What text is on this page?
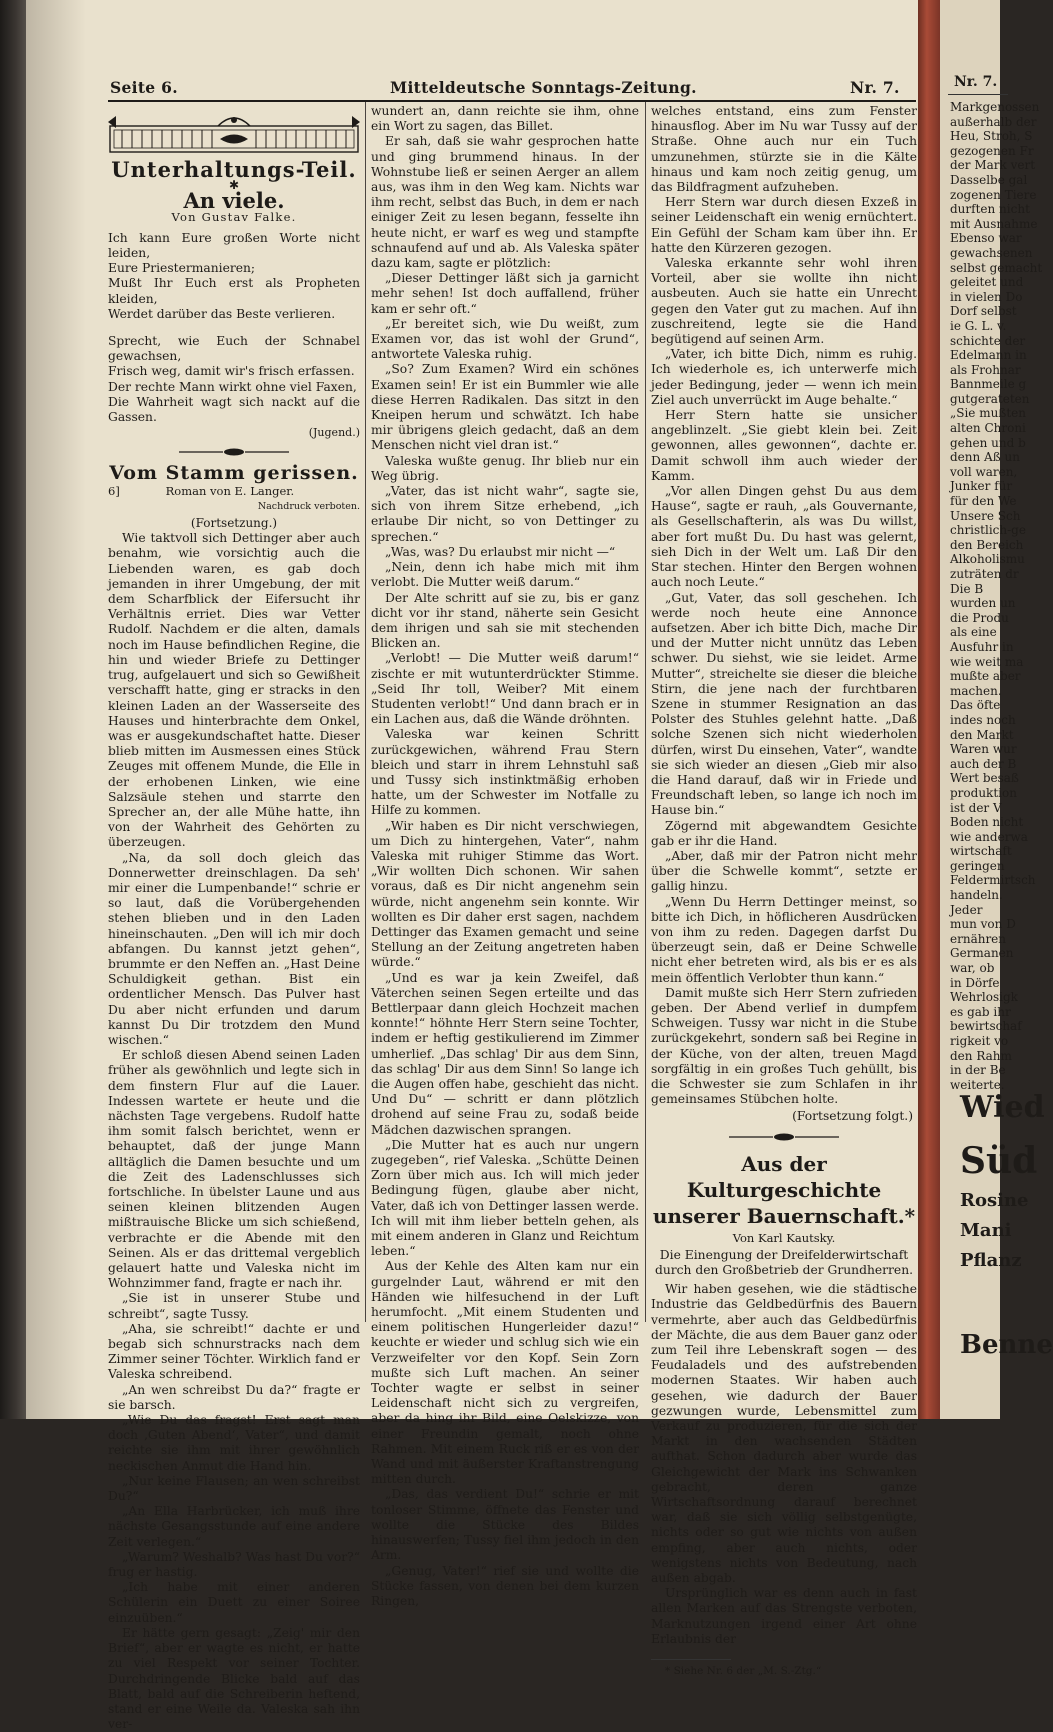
Nr. 7.
Markgenossen
außerhalb der
Heu, Stroh, S
gezogenen Fr
der Mark vert
Dasselbe gal
zogenen Tiere
durften nicht
mit Ausnahme
Ebenso war
gewachsenen
selbst gemacht
geleitet und
in vielen Do
Dorf selbst
ie G. L. v.
schichte der
Edelmann in
als Frohnar
Bannmeile g
gutgerateten
„Sie mußten
alten Chroni
gehen und b
denn Aß un
voll waren,
Junker für
für den We
Unsere Sch
christlich-ge
den Bereich
Alkoholismu
zuträten dr
Die B
wurden un
die Produ
als eine
Ausfuhr in
wie weit ma
mußte aber
machen.
Das öfte
indes noch
den Markt
Waren wur
auch der B
Wert besaß
produktion
ist der V
Boden nicht
wie anderwa
wirtschaft
geringen
Feldermirtsch
handeln.
Jeder
mun von D
ernähren
Germanen
war, ob
in Dörfe
Wehrlosigk
es gab ihr
bewirtschaf
rigkeit vo
den Rahm
in der Be
weiterte.
Wied
Süd
Rosine
Mani
Pflanz
Benne
Seite 6.	Mitteldeutsche Sonntags-Zeitung.	Nr. 7.
Unterhaltungs-Teil.
✱
An viele.
Von Gustav Falke.
Ich kann Eure großen Worte nicht leiden,
Eure Priestermanieren;
Mußt Ihr Euch erst als Propheten kleiden,
Werdet darüber das Beste verlieren.
Sprecht, wie Euch der Schnabel gewachsen,
Frisch weg, damit wir's frisch erfassen.
Der rechte Mann wirkt ohne viel Faxen,
Die Wahrheit wagt sich nackt auf die Gassen.
(Jugend.)
Vom Stamm gerissen.
6]	Roman von E. Langer.
Nachdruck verboten.
(Fortsetzung.)

Wie taktvoll sich Dettinger aber auch benahm, wie vorsichtig auch die Liebenden waren, es gab doch jemanden in ihrer Umgebung, der mit dem Scharfblick der Eifersucht ihr Verhältnis erriet. Dies war Vetter Rudolf. Nachdem er die alten, damals noch im Hause befindlichen Regine, die hin und wieder Briefe zu Dettinger trug, aufgelauert und sich so Gewißheit verschafft hatte, ging er stracks in den kleinen Laden an der Wasserseite des Hauses und hinterbrachte dem Onkel, was er ausgekundschaftet hatte. Dieser blieb mitten im Ausmessen eines Stück Zeuges mit offenem Munde, die Elle in der erhobenen Linken, wie eine Salzsäule stehen und starrte den Sprecher an, der alle Mühe hatte, ihn von der Wahrheit des Gehörten zu überzeugen.

„Na, da soll doch gleich das Donnerwetter dreinschlagen. Da seh' mir einer die Lumpenbande!“ schrie er so laut, daß die Vorübergehenden stehen blieben und in den Laden hineinschauten. „Den will ich mir doch abfangen. Du kannst jetzt gehen“, brummte er den Neffen an. „Hast Deine Schuldigkeit gethan. Bist ein ordentlicher Mensch. Das Pulver hast Du aber nicht erfunden und darum kannst Du Dir trotzdem den Mund wischen.“

Er schloß diesen Abend seinen Laden früher als gewöhnlich und legte sich in dem finstern Flur auf die Lauer. Indessen wartete er heute und die nächsten Tage vergebens. Rudolf hatte ihm somit falsch berichtet, wenn er behauptet, daß der junge Mann alltäglich die Damen besuchte und um die Zeit des Ladenschlusses sich fortschliche. In übelster Laune und aus seinen kleinen blitzenden Augen mißtrauische Blicke um sich schießend, verbrachte er die Abende mit den Seinen. Als er das drittemal vergeblich gelauert hatte und Valeska nicht im Wohnzimmer fand, fragte er nach ihr.

„Sie ist in unserer Stube und schreibt“, sagte Tussy.

„Aha, sie schreibt!“ dachte er und begab sich schnurstracks nach dem Zimmer seiner Töchter. Wirklich fand er Valeska schreibend.

„An wen schreibst Du da?“ fragte er sie barsch.

„Wie Du das fragst! Erst sagt man doch ‚Guten Abend‘, Vater“, und damit reichte sie ihm mit ihrer gewöhnlich neckischen Anmut die Hand hin.

„Nur keine Flausen; an wen schreibst Du?“

„An Ella Harbrücker, ich muß ihre nächste Gesangsstunde auf eine andere Zeit verlegen.“

„Warum? Weshalb? Was hast Du vor?“ frug er hastig.

„Ich habe mit einer anderen Schülerin ein Duett zu einer Soiree einzuüben.“

Er hätte gern gesagt: „Zeig' mir den Brief“, aber er wagte es nicht, er hatte zu viel Respekt vor seiner Tochter. Durchdringende Blicke bald auf das Blatt, bald auf die Schreiberin heftend, stand er eine Weile da. Valeska sah ihn ver-

wundert an, dann reichte sie ihm, ohne ein Wort zu sagen, das Billet.

Er sah, daß sie wahr gesprochen hatte und ging brummend hinaus. In der Wohnstube ließ er seinen Aerger an allem aus, was ihm in den Weg kam. Nichts war ihm recht, selbst das Buch, in dem er nach einiger Zeit zu lesen begann, fesselte ihn heute nicht, er warf es weg und stampfte schnaufend auf und ab. Als Valeska später dazu kam, sagte er plötzlich:

„Dieser Dettinger läßt sich ja garnicht mehr sehen! Ist doch auffallend, früher kam er sehr oft.“

„Er bereitet sich, wie Du weißt, zum Examen vor, das ist wohl der Grund“, antwortete Valeska ruhig.

„So? Zum Examen? Wird ein schönes Examen sein! Er ist ein Bummler wie alle diese Herren Radikalen. Das sitzt in den Kneipen herum und schwätzt. Ich habe mir übrigens gleich gedacht, daß an dem Menschen nicht viel dran ist.“

Valeska wußte genug. Ihr blieb nur ein Weg übrig.

„Vater, das ist nicht wahr“, sagte sie, sich von ihrem Sitze erhebend, „ich erlaube Dir nicht, so von Dettinger zu sprechen.“

„Was, was? Du erlaubst mir nicht —“

„Nein, denn ich habe mich mit ihm verlobt. Die Mutter weiß darum.“

Der Alte schritt auf sie zu, bis er ganz dicht vor ihr stand, näherte sein Gesicht dem ihrigen und sah sie mit stechenden Blicken an.

„Verlobt! — Die Mutter weiß darum!“ zischte er mit wutunterdrückter Stimme. „Seid Ihr toll, Weiber? Mit einem Studenten verlobt!“ Und dann brach er in ein Lachen aus, daß die Wände dröhnten.

Valeska war keinen Schritt zurückgewichen, während Frau Stern bleich und starr in ihrem Lehnstuhl saß und Tussy sich instinktmäßig erhoben hatte, um der Schwester im Notfalle zu Hilfe zu kommen.

„Wir haben es Dir nicht verschwiegen, um Dich zu hintergehen, Vater“, nahm Valeska mit ruhiger Stimme das Wort. „Wir wollten Dich schonen. Wir sahen voraus, daß es Dir nicht angenehm sein würde, nicht angenehm sein konnte. Wir wollten es Dir daher erst sagen, nachdem Dettinger das Examen gemacht und seine Stellung an der Zeitung angetreten haben würde.“

„Und es war ja kein Zweifel, daß Väterchen seinen Segen erteilte und das Bettlerpaar dann gleich Hochzeit machen konnte!“ höhnte Herr Stern seine Tochter, indem er heftig gestikulierend im Zimmer umherlief. „Das schlag' Dir aus dem Sinn, das schlag' Dir aus dem Sinn! So lange ich die Augen offen habe, geschieht das nicht. Und Du“ — schritt er dann plötzlich drohend auf seine Frau zu, sodaß beide Mädchen dazwischen sprangen.

„Die Mutter hat es auch nur ungern zugegeben“, rief Valeska. „Schütte Deinen Zorn über mich aus. Ich will mich jeder Bedingung fügen, glaube aber nicht, Vater, daß ich von Dettinger lassen werde. Ich will mit ihm lieber betteln gehen, als mit einem anderen in Glanz und Reichtum leben.“

Aus der Kehle des Alten kam nur ein gurgelnder Laut, während er mit den Händen wie hilfesuchend in der Luft herumfocht. „Mit einem Studenten und einem politischen Hungerleider dazu!“ keuchte er wieder und schlug sich wie ein Verzweifelter vor den Kopf. Sein Zorn mußte sich Luft machen. An seiner Tochter wagte er selbst in seiner Leidenschaft nicht sich zu vergreifen, aber da hing ihr Bild, eine Oelskizze, von einer Freundin gemalt, noch ohne Rahmen. Mit einem Ruck riß er es von der Wand und mit äußerster Kraftanstrengung mitten durch.

„Das, das verdient Du!“ schrie er mit tonloser Stimme, öffnete das Fenster und wollte die Stücke des Bildes hinauswerfen; Tussy fiel ihm jedoch in den Arm.

„Genug, Vater!“ rief sie und wollte die Stücke fassen, von denen bei dem kurzen Ringen,

welches entstand, eins zum Fenster hinausflog. Aber im Nu war Tussy auf der Straße. Ohne auch nur ein Tuch umzunehmen, stürzte sie in die Kälte hinaus und kam noch zeitig genug, um das Bildfragment aufzuheben.

Herr Stern war durch diesen Exzeß in seiner Leidenschaft ein wenig ernüchtert. Ein Gefühl der Scham kam über ihn. Er hatte den Kürzeren gezogen.

Valeska erkannte sehr wohl ihren Vorteil, aber sie wollte ihn nicht ausbeuten. Auch sie hatte ein Unrecht gegen den Vater gut zu machen. Auf ihn zuschreitend, legte sie die Hand begütigend auf seinen Arm.

„Vater, ich bitte Dich, nimm es ruhig. Ich wiederhole es, ich unterwerfe mich jeder Bedingung, jeder — wenn ich mein Ziel auch unverrückt im Auge behalte.“

Herr Stern hatte sie unsicher angeblinzelt. „Sie giebt klein bei. Zeit gewonnen, alles gewonnen“, dachte er. Damit schwoll ihm auch wieder der Kamm.

„Vor allen Dingen gehst Du aus dem Hause“, sagte er rauh, „als Gouvernante, als Gesellschafterin, als was Du willst, aber fort mußt Du. Du hast was gelernt, sieh Dich in der Welt um. Laß Dir den Star stechen. Hinter den Bergen wohnen auch noch Leute.“

„Gut, Vater, das soll geschehen. Ich werde noch heute eine Annonce aufsetzen. Aber ich bitte Dich, mache Dir und der Mutter nicht unnütz das Leben schwer. Du siehst, wie sie leidet. Arme Mutter“, streichelte sie dieser die bleiche Stirn, die jene nach der furchtbaren Szene in stummer Resignation an das Polster des Stuhles gelehnt hatte. „Daß solche Szenen sich nicht wiederholen dürfen, wirst Du einsehen, Vater“, wandte sie sich wieder an diesen „Gieb mir also die Hand darauf, daß wir in Friede und Freundschaft leben, so lange ich noch im Hause bin.“

Zögernd mit abgewandtem Gesichte gab er ihr die Hand.

„Aber, daß mir der Patron nicht mehr über die Schwelle kommt“, setzte er gallig hinzu.

„Wenn Du Herrn Dettinger meinst, so bitte ich Dich, in höflicheren Ausdrücken von ihm zu reden. Dagegen darfst Du überzeugt sein, daß er Deine Schwelle nicht eher betreten wird, als bis er es als mein öffentlich Verlobter thun kann.“

Damit mußte sich Herr Stern zufrieden geben. Der Abend verlief in dumpfem Schweigen. Tussy war nicht in die Stube zurückgekehrt, sondern saß bei Regine in der Küche, von der alten, treuen Magd sorgfältig in ein großes Tuch gehüllt, bis die Schwester sie zum Schlafen in ihr gemeinsames Stübchen holte.

(Fortsetzung folgt.)
Aus der Kulturgeschichte unserer Bauernschaft.*
Von Karl Kautsky.
Die Einengung der Dreifelderwirtschaft durch den Großbetrieb der Grundherren.

Wir haben gesehen, wie die städtische Industrie das Geldbedürfnis des Bauern vermehrte, aber auch das Geldbedürfnis der Mächte, die aus dem Bauer ganz oder zum Teil ihre Lebenskraft sogen — des Feudaladels und des aufstrebenden modernen Staates. Wir haben auch gesehen, wie dadurch der Bauer gezwungen wurde, Lebensmittel zum Verkauf zu produzieren, für die sich der Markt in den wachsenden Städten aufthat. Schon dadurch aber wurde das Gleichgewicht der Mark ins Schwanken gebracht, deren ganze Wirtschaftsordnung darauf berechnet war, daß sie sich völlig selbstgenügte, nichts oder so gut wie nichts von außen empfing, aber auch nichts, oder wenigstens nichts von Bedeutung, nach außen abgab.

Ursprünglich war es denn auch in fast allen Marken auf das Strengste verboten, Marknutzungen irgend einer Art ohne Erlaubnis der

* Siehe Nr. 6 der „M. S.-Ztg.“
